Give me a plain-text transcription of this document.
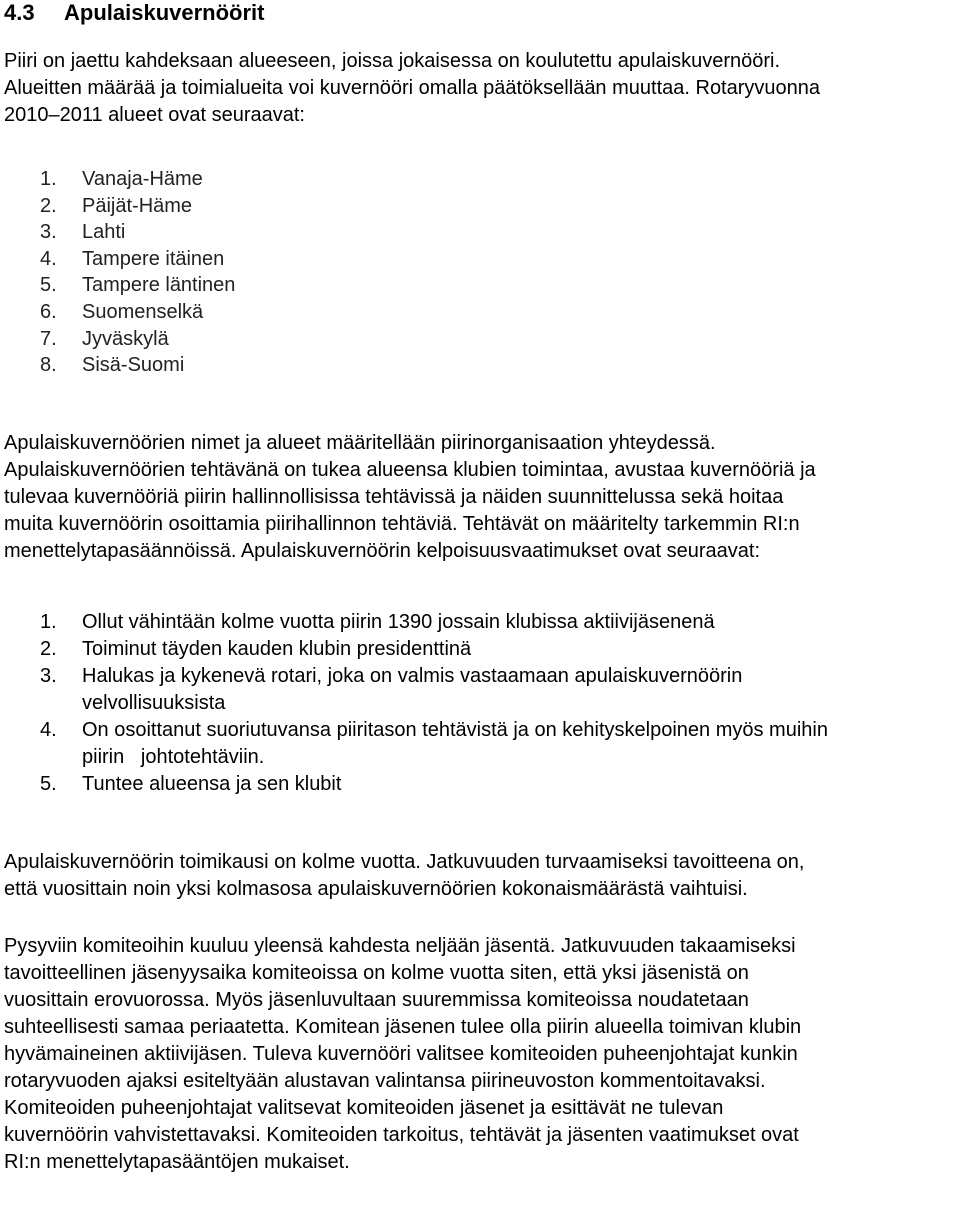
4.3 Apulaiskuvernöörit
Piiri on jaettu kahdeksaan alueeseen, joissa jokaisessa on koulutettu apulaiskuvernööri.
Alueitten määrää ja toimialueita voi kuvernööri omalla päätöksellään muuttaa. Rotaryvuonna
2010–2011 alueet ovat seuraavat:
1. Vanaja-Häme
2. Päijät-Häme
3. Lahti
4. Tampere itäinen
5. Tampere läntinen
6. Suomenselkä
7. Jyväskylä
8. Sisä-Suomi
Apulaiskuvernöörien nimet ja alueet määritellään piirinorganisaation yhteydessä.
Apulaiskuvernöörien tehtävänä on tukea alueensa klubien toimintaa, avustaa kuvernööriä ja
tulevaa kuvernööriä piirin hallinnollisissa tehtävissä ja näiden suunnittelussa sekä hoitaa
muita kuvernöörin osoittamia piirihallinnon tehtäviä. Tehtävät on määritelty tarkemmin RI:n
menettelytapasäännöissä. Apulaiskuvernöörin kelpoisuusvaatimukset ovat seuraavat:
1. Ollut vähintään kolme vuotta piirin 1390 jossain klubissa aktiivijäsenenä
2. Toiminut täyden kauden klubin presidenttinä
3. Halukas ja kykenevä rotari, joka on valmis vastaamaan apulaiskuvernöörin
velvollisuuksista
4. On osoittanut suoriutuvansa piiritason tehtävistä ja on kehityskelpoinen myös muihin
piirin   johtotehtäviin.
5. Tuntee alueensa ja sen klubit
Apulaiskuvernöörin toimikausi on kolme vuotta. Jatkuvuuden turvaamiseksi tavoitteena on,
että vuosittain noin yksi kolmasosa apulaiskuvernöörien kokonaismäärästä vaihtuisi.
Pysyviin komiteoihin kuuluu yleensä kahdesta neljään jäsentä. Jatkuvuuden takaamiseksi
tavoitteellinen jäsenyysaika komiteoissa on kolme vuotta siten, että yksi jäsenistä on
vuosittain erovuorossa. Myös jäsenluvultaan suuremmissa komiteoissa noudatetaan
suhteellisesti samaa periaatetta. Komitean jäsenen tulee olla piirin alueella toimivan klubin
hyvämaineinen aktiivijäsen. Tuleva kuvernööri valitsee komiteoiden puheenjohtajat kunkin
rotaryvuoden ajaksi esiteltyään alustavan valintansa piirineuvoston kommentoitavaksi.
Komiteoiden puheenjohtajat valitsevat komiteoiden jäsenet ja esittävät ne tulevan
kuvernöörin vahvistettavaksi. Komiteoiden tarkoitus, tehtävät ja jäsenten vaatimukset ovat
RI:n menettelytapasääntöjen mukaiset.
